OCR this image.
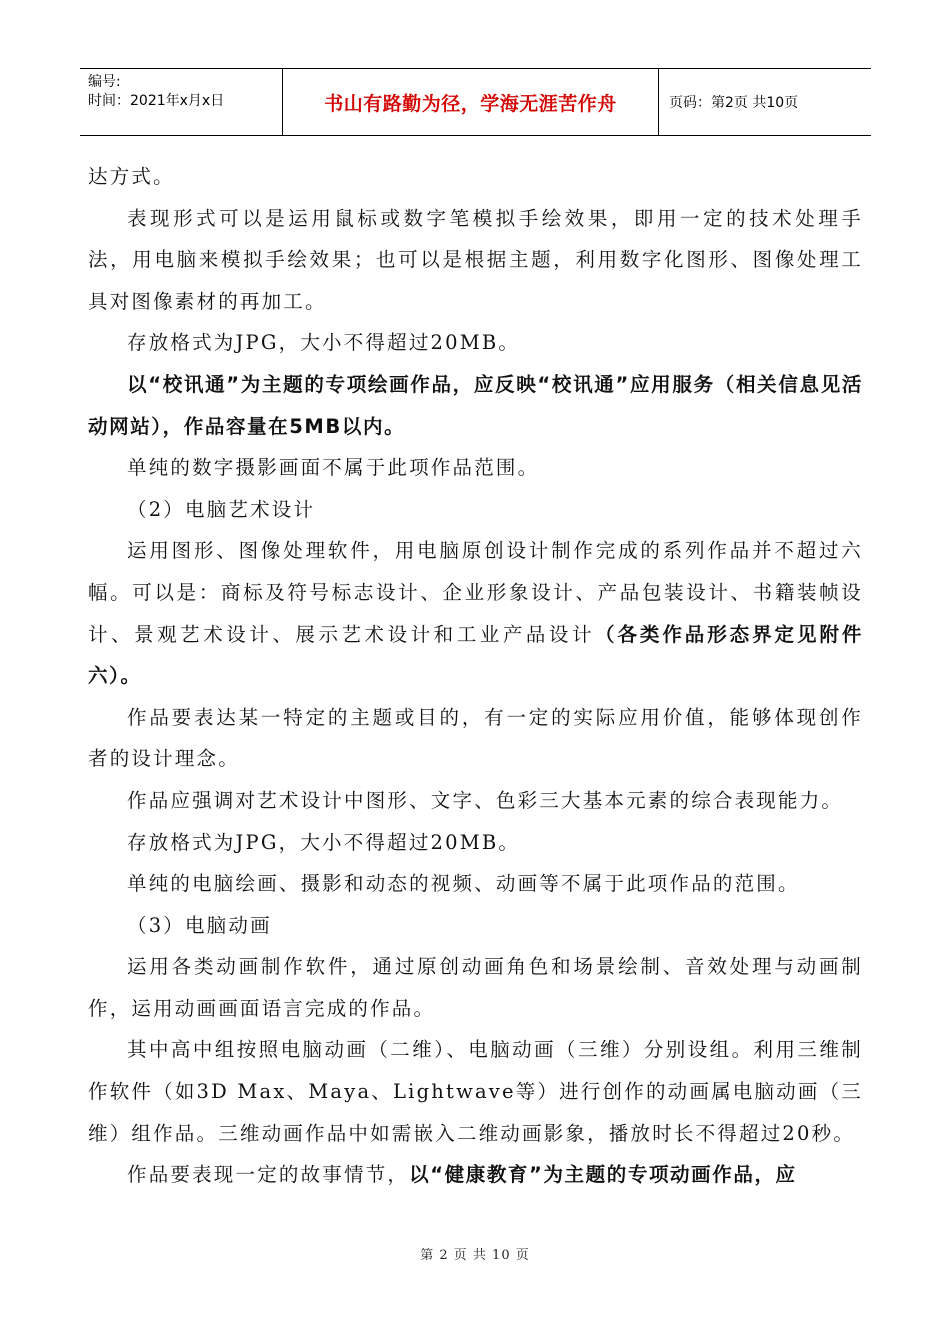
编号:
时间：2021年x月x日	书山有路勤为径，学海无涯苦作舟	页码：第2页 共10页

达方式。

表现形式可以是运用鼠标或数字笔模拟手绘效果，即用一定的技术处理手法，用电脑来模拟手绘效果；也可以是根据主题，利用数字化图形、图像处理工具对图像素材的再加工。

存放格式为JPG，大小不得超过20MB。

以“校讯通”为主题的专项绘画作品，应反映“校讯通”应用服务（相关信息见活动网站），作品容量在5MB以内。

单纯的数字摄影画面不属于此项作品范围。

（2）电脑艺术设计

运用图形、图像处理软件，用电脑原创设计制作完成的系列作品并不超过六幅。可以是：商标及符号标志设计、企业形象设计、产品包装设计、书籍装帧设计、景观艺术设计、展示艺术设计和工业产品设计（各类作品形态界定见附件六）。

作品要表达某一特定的主题或目的，有一定的实际应用价值，能够体现创作者的设计理念。

作品应强调对艺术设计中图形、文字、色彩三大基本元素的综合表现能力。

存放格式为JPG，大小不得超过20MB。

单纯的电脑绘画、摄影和动态的视频、动画等不属于此项作品的范围。

（3）电脑动画

运用各类动画制作软件，通过原创动画角色和场景绘制、音效处理与动画制作，运用动画画面语言完成的作品。

其中高中组按照电脑动画（二维）、电脑动画（三维）分别设组。利用三维制作软件（如3D Max、Maya、Lightwave等）进行创作的动画属电脑动画（三维）组作品。三维动画作品中如需嵌入二维动画影象，播放时长不得超过20秒。

作品要表现一定的故事情节，以“健康教育”为主题的专项动画作品，应

第 2 页 共 10 页
